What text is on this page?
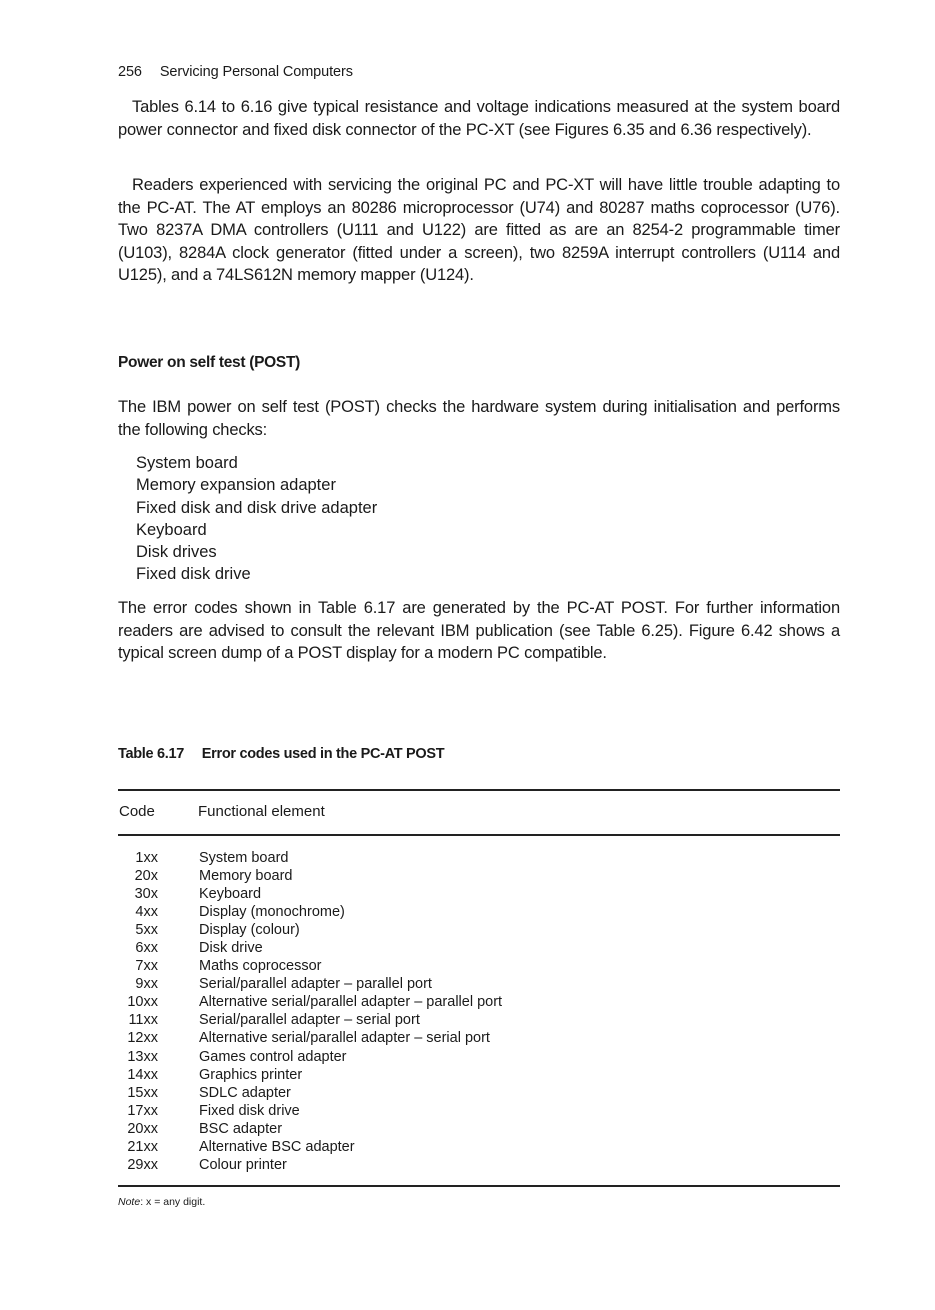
256 Servicing Personal Computers

Tables 6.14 to 6.16 give typical resistance and voltage indications measured at the system board power connector and fixed disk connector of the PC-XT (see Figures 6.35 and 6.36 respectively).

Readers experienced with servicing the original PC and PC-XT will have little trouble adapting to the PC-AT. The AT employs an 80286 microprocessor (U74) and 80287 maths coprocessor (U76). Two 8237A DMA controllers (U111 and U122) are fitted as are an 8254-2 programmable timer (U103), 8284A clock generator (fitted under a screen), two 8259A interrupt controllers (U114 and U125), and a 74LS612N memory mapper (U124).

Power on self test (POST)

The IBM power on self test (POST) checks the hardware system during initialisation and performs the following checks:

System board
Memory expansion adapter
Fixed disk and disk drive adapter
Keyboard
Disk drives
Fixed disk drive

The error codes shown in Table 6.17 are generated by the PC-AT POST. For further information readers are advised to consult the relevant IBM publication (see Table 6.25). Figure 6.42 shows a typical screen dump of a POST display for a modern PC compatible.

Table 6.17 Error codes used in the PC-AT POST
Code	Functional element
1xx	System board
20x	Memory board
30x	Keyboard
4xx	Display (monochrome)
5xx	Display (colour)
6xx	Disk drive
7xx	Maths coprocessor
9xx	Serial/parallel adapter – parallel port
10xx	Alternative serial/parallel adapter – parallel port
11xx	Serial/parallel adapter – serial port
12xx	Alternative serial/parallel adapter – serial port
13xx	Games control adapter
14xx	Graphics printer
15xx	SDLC adapter
17xx	Fixed disk drive
20xx	BSC adapter
21xx	Alternative BSC adapter
29xx	Colour printer
Note: x = any digit.
